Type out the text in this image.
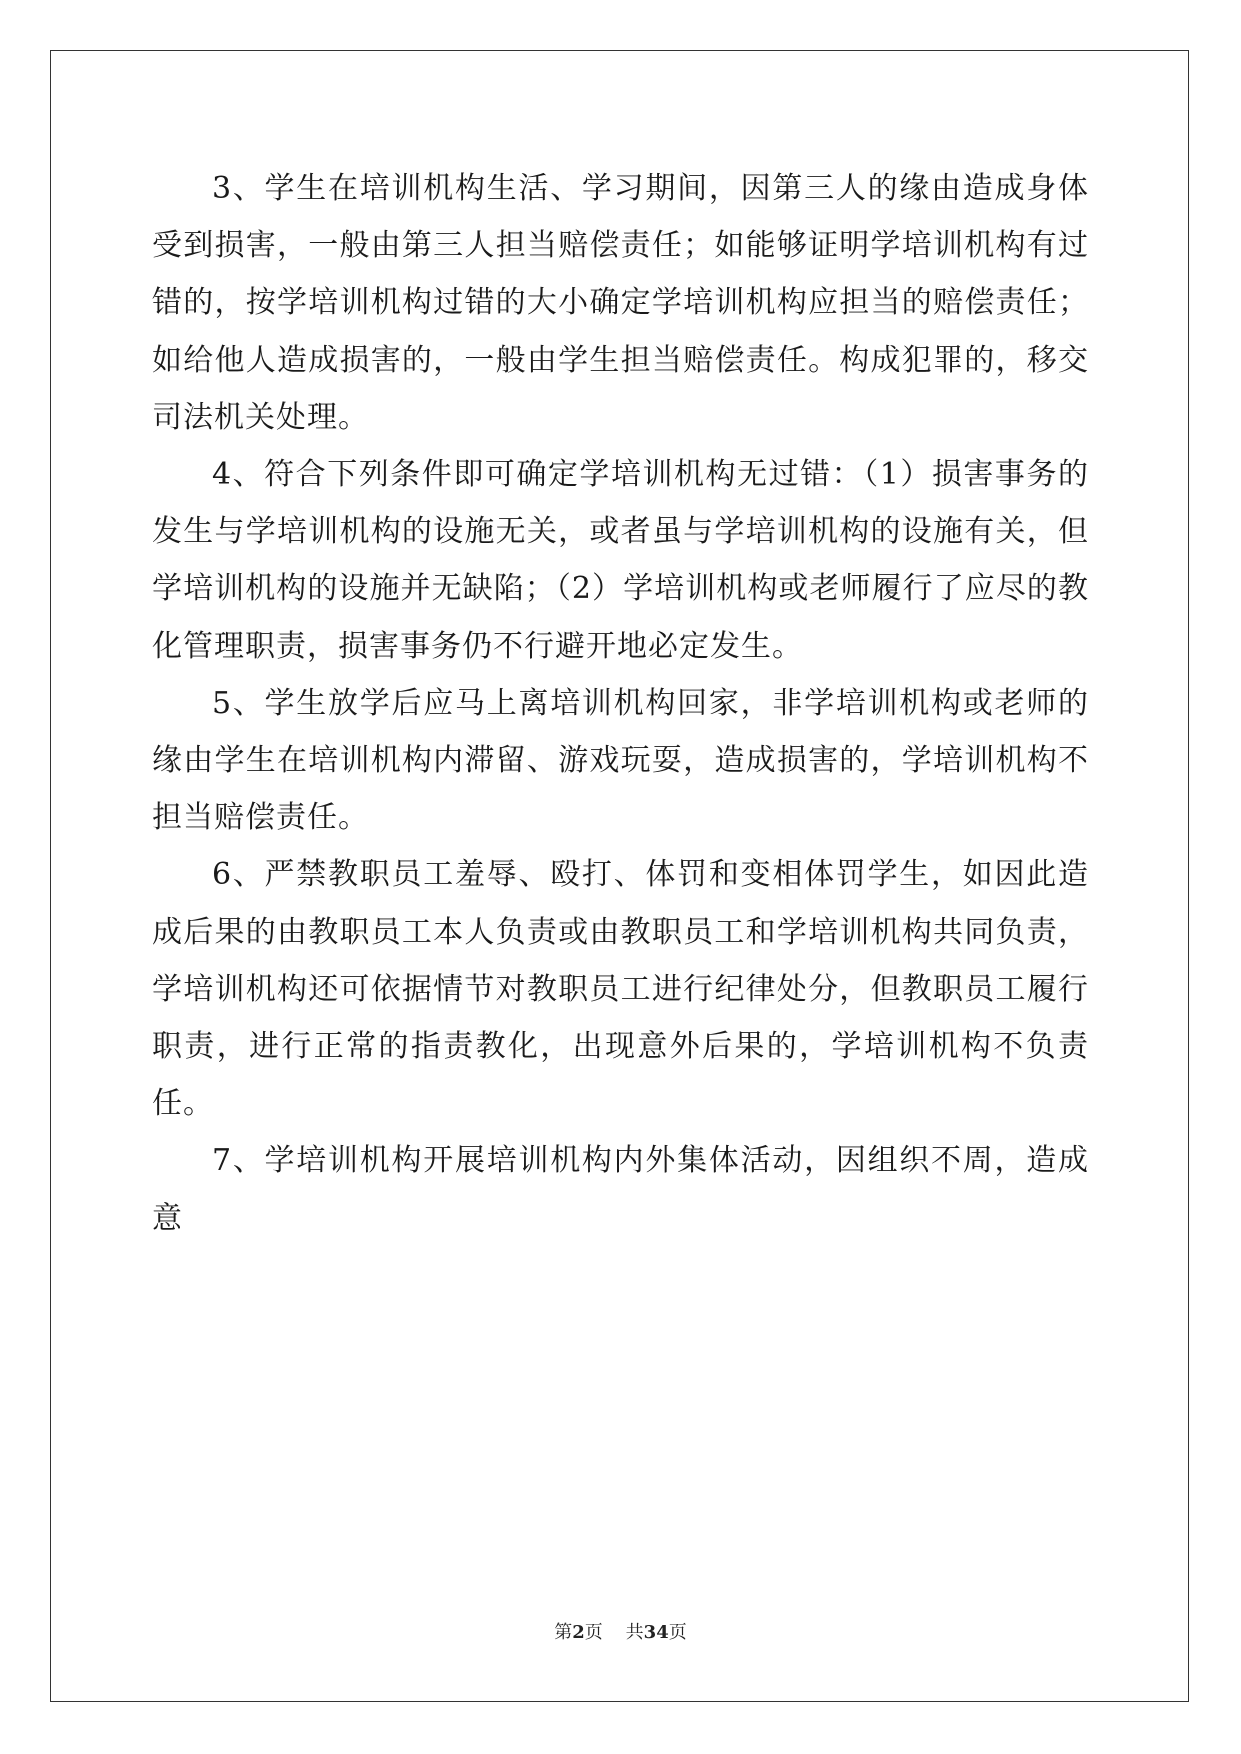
3、学生在培训机构生活、学习期间，因第三人的缘由造成身体受到损害，一般由第三人担当赔偿责任；如能够证明学培训机构有过错的，按学培训机构过错的大小确定学培训机构应担当的赔偿责任；如给他人造成损害的，一般由学生担当赔偿责任。构成犯罪的，移交司法机关处理。

4、符合下列条件即可确定学培训机构无过错：（1）损害事务的发生与学培训机构的设施无关，或者虽与学培训机构的设施有关，但学培训机构的设施并无缺陷；（2）学培训机构或老师履行了应尽的教化管理职责，损害事务仍不行避开地必定发生。

5、学生放学后应马上离培训机构回家，非学培训机构或老师的缘由学生在培训机构内滞留、游戏玩耍，造成损害的，学培训机构不担当赔偿责任。

6、严禁教职员工羞辱、殴打、体罚和变相体罚学生，如因此造成后果的由教职员工本人负责或由教职员工和学培训机构共同负责，学培训机构还可依据情节对教职员工进行纪律处分，但教职员工履行职责，进行正常的指责教化，出现意外后果的，学培训机构不负责任。

7、学培训机构开展培训机构内外集体活动，因组织不周，造成意

第2页 共34页
